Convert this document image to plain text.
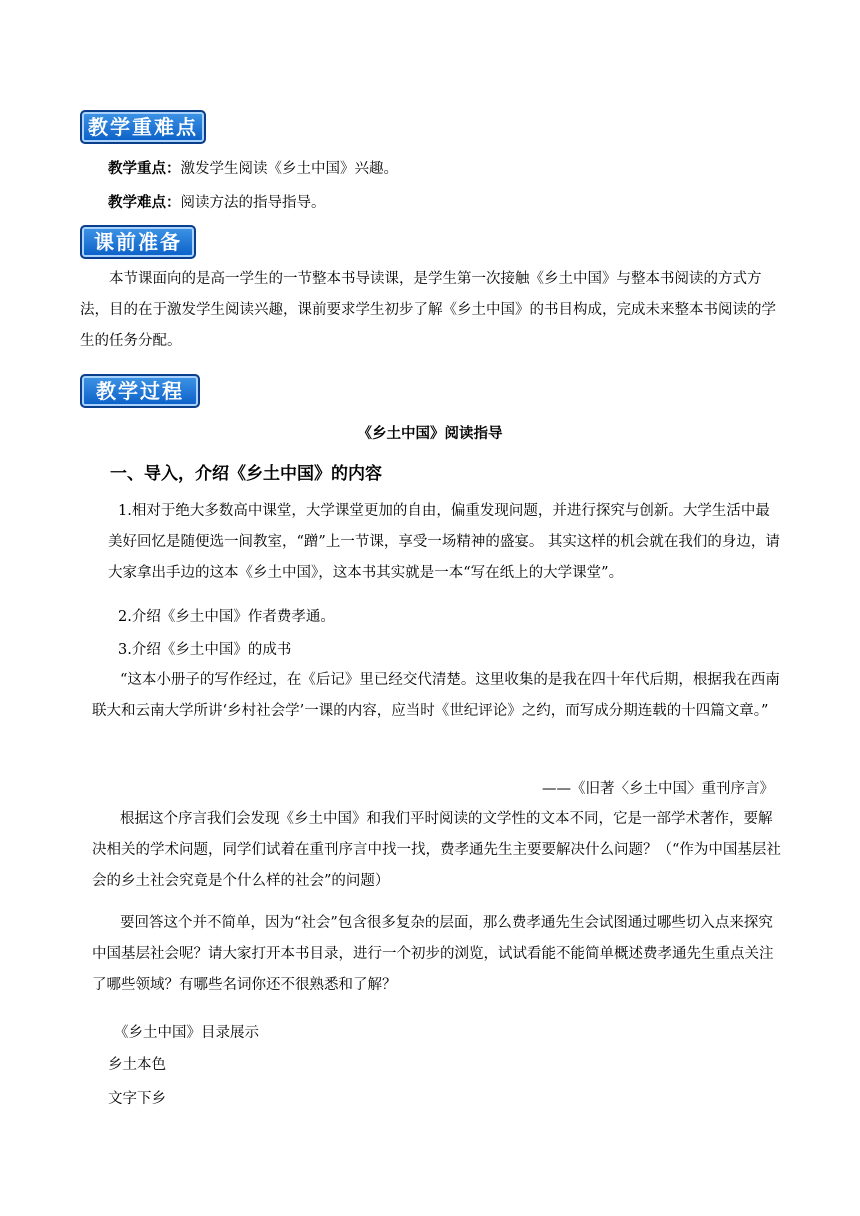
教学重难点
教学重点：激发学生阅读《乡土中国》兴趣。
教学难点：阅读方法的指导指导。
课前准备
本节课面向的是高一学生的一节整本书导读课，是学生第一次接触《乡土中国》与整本书阅读的方式方法，目的在于激发学生阅读兴趣，课前要求学生初步了解《乡土中国》的书目构成，完成未来整本书阅读的学生的任务分配。
教学过程
《乡土中国》阅读指导
一、导入，介绍《乡土中国》的内容
1.相对于绝大多数高中课堂，大学课堂更加的自由，偏重发现问题，并进行探究与创新。大学生活中最美好回忆是随便选一间教室，“蹭”上一节课，享受一场精神的盛宴。 其实这样的机会就在我们的身边，请大家拿出手边的这本《乡土中国》，这本书其实就是一本“写在纸上的大学课堂”。
2.介绍《乡土中国》作者费孝通。
3.介绍《乡土中国》的成书
“这本小册子的写作经过，在《后记》里已经交代清楚。这里收集的是我在四十年代后期，根据我在西南联大和云南大学所讲‘乡村社会学’一课的内容，应当时《世纪评论》之约，而写成分期连载的十四篇文章。”
——《旧著〈乡土中国〉重刊序言》
根据这个序言我们会发现《乡土中国》和我们平时阅读的文学性的文本不同，它是一部学术著作，要解决相关的学术问题，同学们试着在重刊序言中找一找，费孝通先生主要要解决什么问题？（“作为中国基层社会的乡土社会究竟是个什么样的社会”的问题）
要回答这个并不简单，因为“社会”包含很多复杂的层面，那么费孝通先生会试图通过哪些切入点来探究中国基层社会呢？请大家打开本书目录，进行一个初步的浏览，试试看能不能简单概述费孝通先生重点关注了哪些领域？有哪些名词你还不很熟悉和了解？
《乡土中国》目录展示
乡土本色
文字下乡
